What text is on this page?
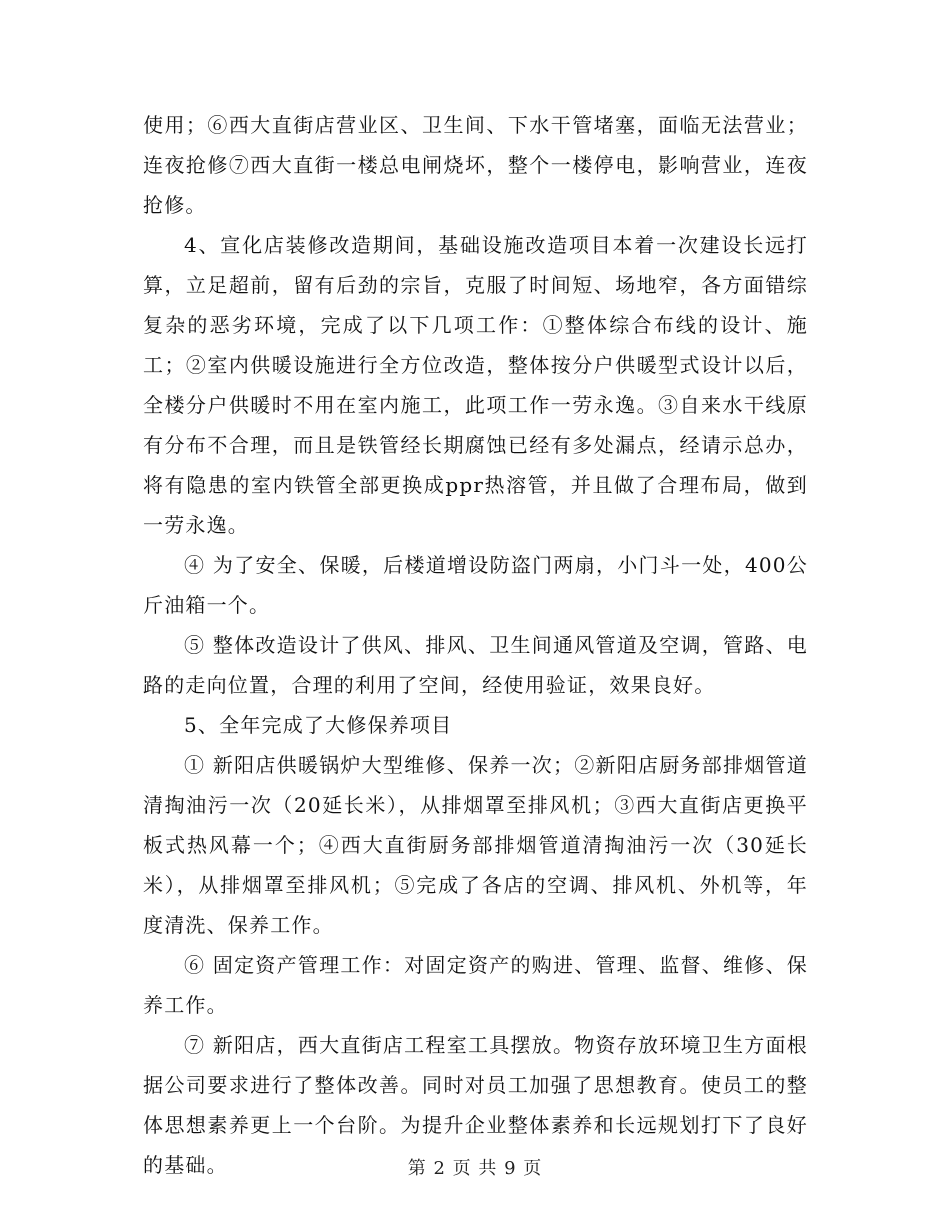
使用；⑥西大直街店营业区、卫生间、下水干管堵塞，面临无法营业；连夜抢修⑦西大直街一楼总电闸烧坏，整个一楼停电，影响营业，连夜抢修。

4、宣化店装修改造期间，基础设施改造项目本着一次建设长远打算，立足超前，留有后劲的宗旨，克服了时间短、场地窄，各方面错综复杂的恶劣环境，完成了以下几项工作：①整体综合布线的设计、施工；②室内供暖设施进行全方位改造，整体按分户供暖型式设计以后，全楼分户供暖时不用在室内施工，此项工作一劳永逸。③自来水干线原有分布不合理，而且是铁管经长期腐蚀已经有多处漏点，经请示总办，将有隐患的室内铁管全部更换成ppr热溶管，并且做了合理布局，做到一劳永逸。

④ 为了安全、保暖，后楼道增设防盗门两扇，小门斗一处，400公斤油箱一个。

⑤ 整体改造设计了供风、排风、卫生间通风管道及空调，管路、电路的走向位置，合理的利用了空间，经使用验证，效果良好。

5、全年完成了大修保养项目

① 新阳店供暖锅炉大型维修、保养一次；②新阳店厨务部排烟管道清掏油污一次（20延长米），从排烟罩至排风机；③西大直街店更换平板式热风幕一个；④西大直街厨务部排烟管道清掏油污一次（30延长米），从排烟罩至排风机；⑤完成了各店的空调、排风机、外机等，年度清洗、保养工作。

⑥ 固定资产管理工作：对固定资产的购进、管理、监督、维修、保养工作。

⑦ 新阳店，西大直街店工程室工具摆放。物资存放环境卫生方面根据公司要求进行了整体改善。同时对员工加强了思想教育。使员工的整体思想素养更上一个台阶。为提升企业整体素养和长远规划打下了良好的基础。	第 2 页 共 9 页
